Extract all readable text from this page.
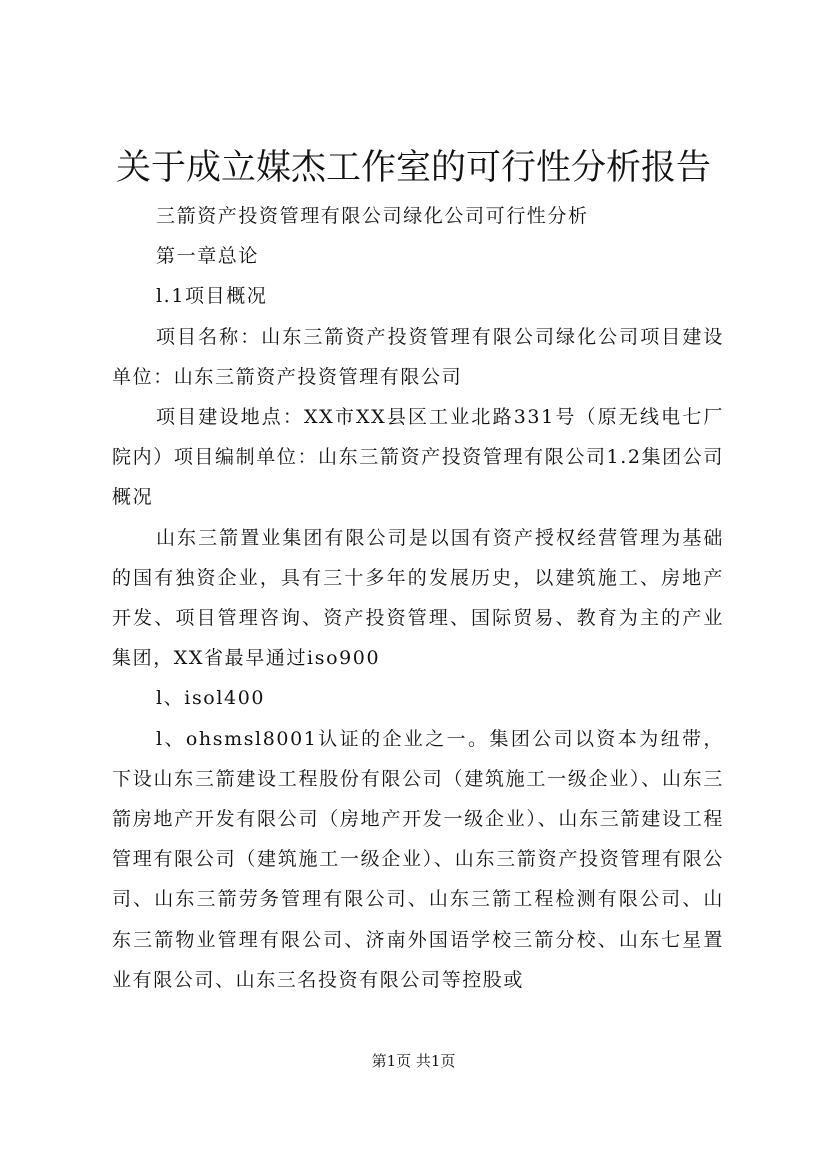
关于成立媒杰工作室的可行性分析报告

三箭资产投资管理有限公司绿化公司可行性分析

第一章总论

l.1项目概况

项目名称：山东三箭资产投资管理有限公司绿化公司项目建设单位：山东三箭资产投资管理有限公司

项目建设地点：XX市XX县区工业北路331号（原无线电七厂院内）项目编制单位：山东三箭资产投资管理有限公司1.2集团公司概况

山东三箭置业集团有限公司是以国有资产授权经营管理为基础的国有独资企业，具有三十多年的发展历史，以建筑施工、房地产开发、项目管理咨询、资产投资管理、国际贸易、教育为主的产业集团，XX省最早通过iso900

l、isol400

l、ohsmsl8001认证的企业之一。集团公司以资本为纽带，下设山东三箭建设工程股份有限公司（建筑施工一级企业）、山东三箭房地产开发有限公司（房地产开发一级企业）、山东三箭建设工程管理有限公司（建筑施工一级企业）、山东三箭资产投资管理有限公司、山东三箭劳务管理有限公司、山东三箭工程检测有限公司、山东三箭物业管理有限公司、济南外国语学校三箭分校、山东七星置业有限公司、山东三名投资有限公司等控股或

第1页 共1页
